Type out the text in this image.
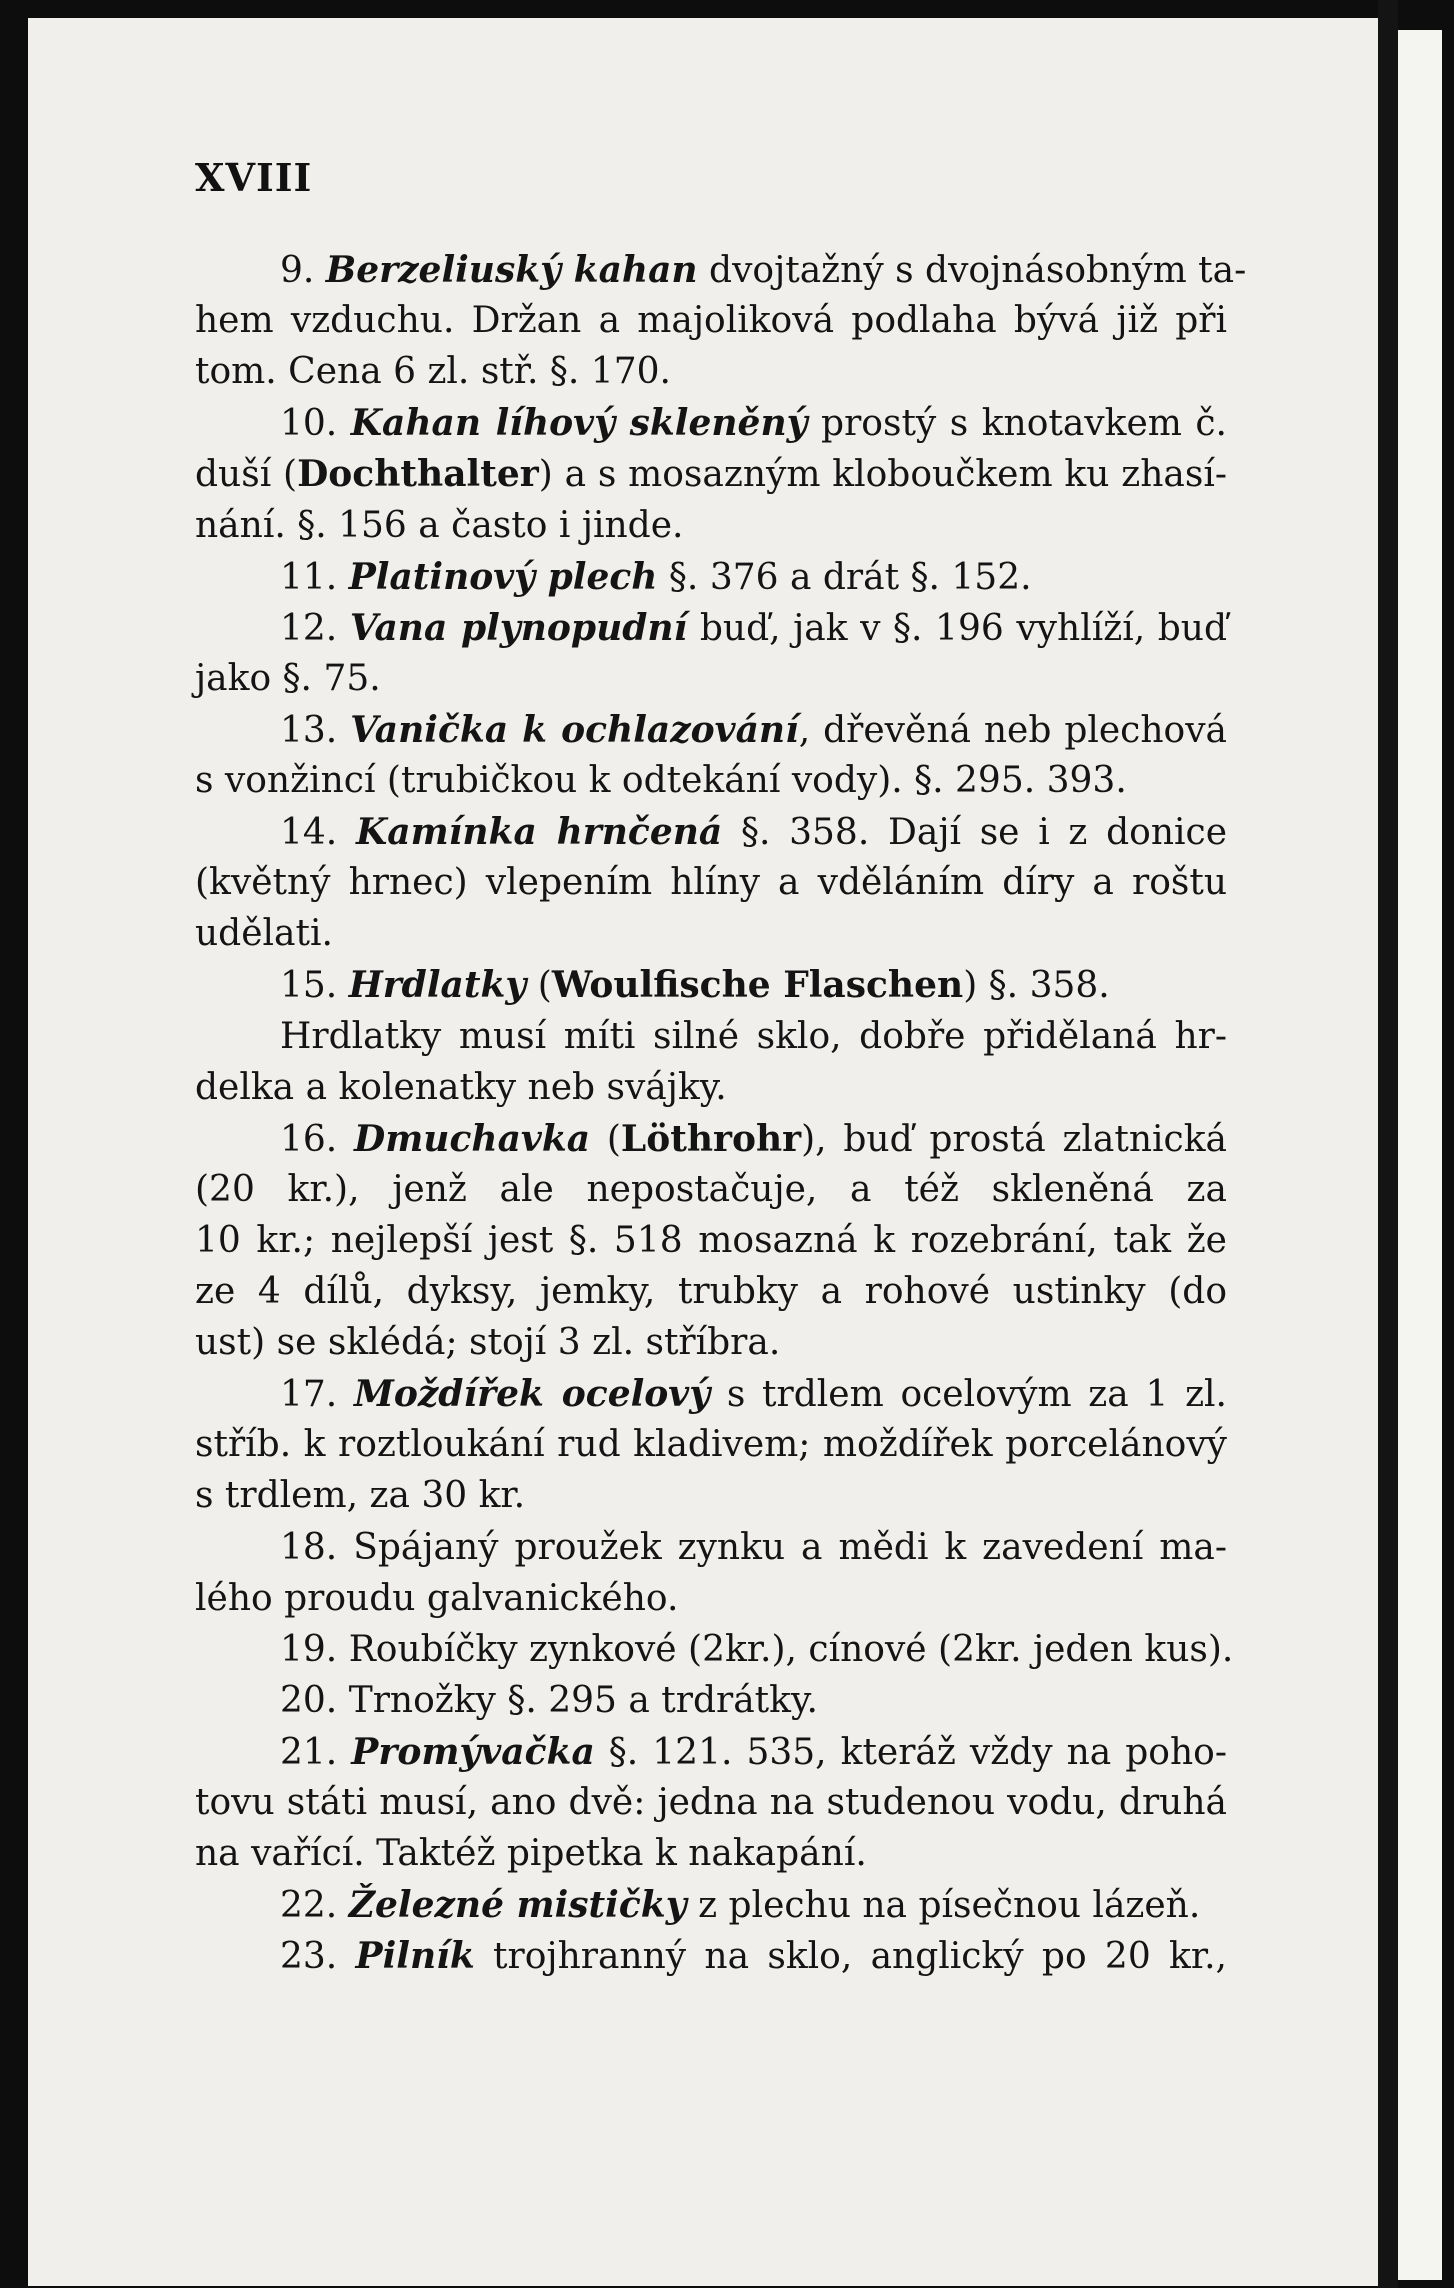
XVIII
9. Berzeliuský kahan dvojtažný s dvojnásobným ta-
hem vzduchu. Držan a majoliková podlaha bývá již při
tom. Cena 6 zl. stř. §. 170.
10. Kahan líhový skleněný prostý s knotavkem č.
duší (Dochthalter) a s mosazným kloboučkem ku zhasí-
nání. §. 156 a často i jinde.
11. Platinový plech §. 376 a drát §. 152.
12. Vana plynopudní buď, jak v §. 196 vyhlíží, buď
jako §. 75.
13. Vanička k ochlazování, dřevěná neb plechová
s vonžincí (trubičkou k odtekání vody). §. 295. 393.
14. Kamínka hrnčená §. 358. Dají se i z donice
(květný hrnec) vlepením hlíny a vděláním díry a roštu
udělati.
15. Hrdlatky (Woulfische Flaschen) §. 358.
Hrdlatky musí míti silné sklo, dobře přidělaná hr-
delka a kolenatky neb svájky.
16. Dmuchavka (Löthrohr), buď prostá zlatnická
(20 kr.), jenž ale nepostačuje, a též skleněná za
10 kr.; nejlepší jest §. 518 mosazná k rozebrání, tak že
ze 4 dílů, dyksy, jemky, trubky a rohové ustinky (do
ust) se sklédá; stojí 3 zl. stříbra.
17. Moždířek ocelový s trdlem ocelovým za 1 zl.
stříb. k roztloukání rud kladivem; moždířek porcelánový
s trdlem, za 30 kr.
18. Spájaný proužek zynku a mědi k zavedení ma-
lého proudu galvanického.
19. Roubíčky zynkové (2kr.), cínové (2kr. jeden kus).
20. Trnožky §. 295 a trdrátky.
21. Promývačka §. 121. 535, kteráž vždy na poho-
tovu státi musí, ano dvě: jedna na studenou vodu, druhá
na vařící. Taktéž pipetka k nakapání.
22. Železné mističky z plechu na písečnou lázeň.
23. Pilník trojhranný na sklo, anglický po 20 kr.,
